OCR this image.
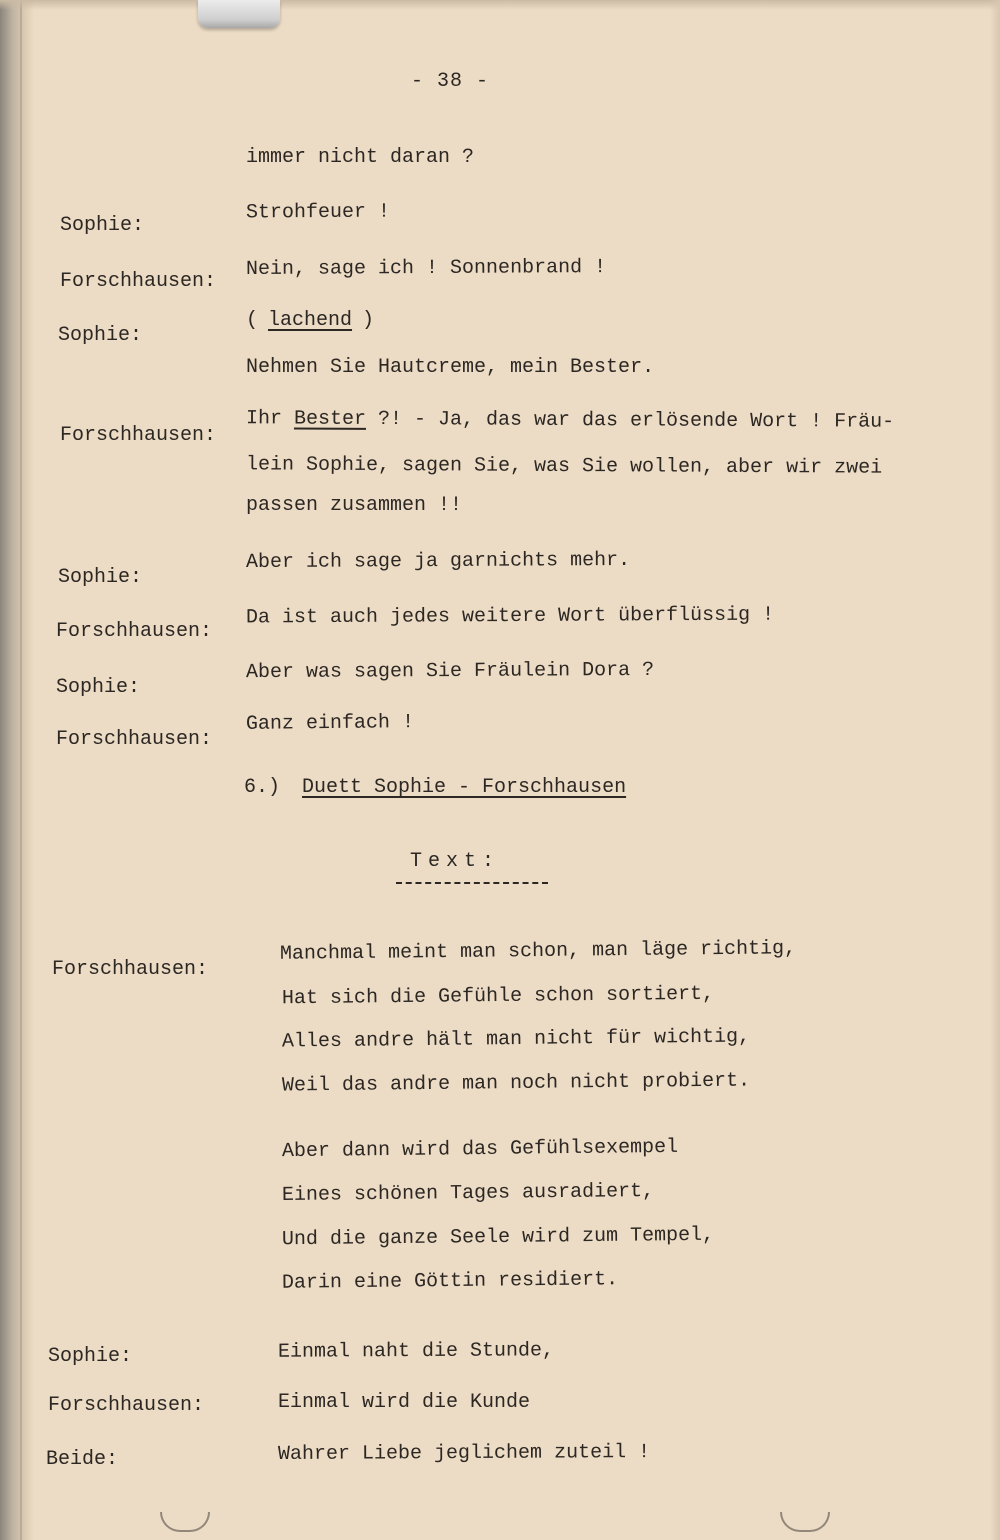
- 38 -
immer nicht daran ?
Sophie:
Strohfeuer !
Forschhausen:
Nein, sage ich ! Sonnenbrand !
Sophie:
( lachend )
Nehmen Sie Hautcreme, mein Bester.
Forschhausen:
Ihr Bester ?! - Ja, das war das erlösende Wort ! Fräu-
lein Sophie, sagen Sie, was Sie wollen, aber wir zwei
passen zusammen !!
Sophie:
Aber ich sage ja garnichts mehr.
Forschhausen:
Da ist auch jedes weitere Wort überflüssig !
Sophie:
Aber was sagen Sie Fräulein Dora ?
Forschhausen:
Ganz einfach !
6.) Duett Sophie - Forschhausen
Text:
Forschhausen:
Manchmal meint man schon, man läge richtig,
Hat sich die Gefühle schon sortiert,
Alles andre hält man nicht für wichtig,
Weil das andre man noch nicht probiert.
Aber dann wird das Gefühlsexempel
Eines schönen Tages ausradiert,
Und die ganze Seele wird zum Tempel,
Darin eine Göttin residiert.
Sophie:	Einmal naht die Stunde,
Forschhausen:	Einmal wird die Kunde
Beide:	Wahrer Liebe jeglichem zuteil !
